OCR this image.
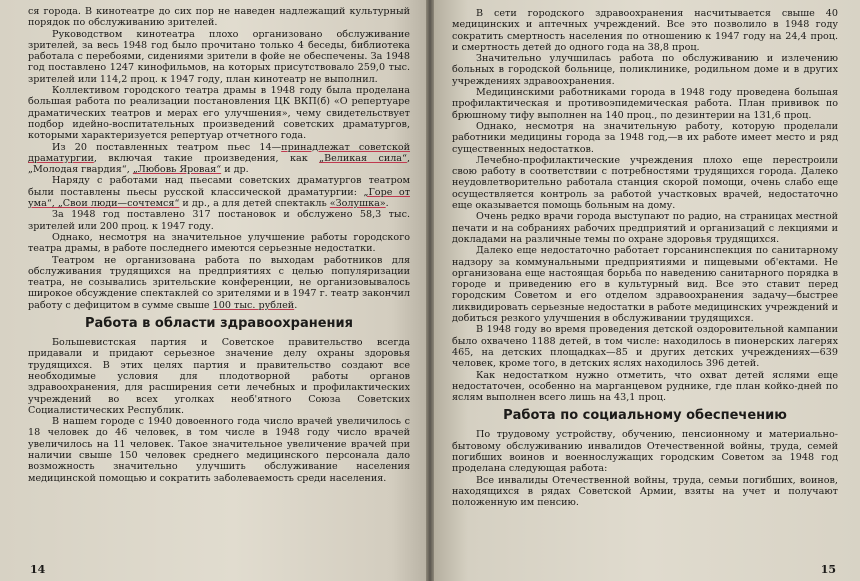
ся города. В кинотеатре до сих пор не наведен надлежащий культурный порядок по обслуживанию зрителей.

Руководством кинотеатра плохо организовано обслуживание зрителей, за весь 1948 год было прочитано только 4 беседы, библиотека работала с перебоями, сидениями зрители в фойе не обеспечены. За 1948 год поставлено 1247 кинофильмов, на которых присутствовало 259,0 тыс. зрителей или 114,2 проц. к 1947 году, план кинотеатр не выполнил.

Коллективом городского театра драмы в 1948 году была проделана большая работа по реализации постановления ЦК ВКП(б) «О репертуаре драматических театров и мерах его улучшения», чему свидетельствует подбор идейно-воспитательных произведений советских драматургов, которыми характеризуется репертуар отчетного года.

Из 20 поставленных театром пьес 14—принадлежат советской драматургии, включая такие произведения, как „Великая сила“, „Молодая гвардия“, „Любовь Яровая“ и др.

Наряду с работами над пьесами советских драматургов театром были поставлены пьесы русской классической драматургии: „Горе от ума“, „Свои люди—сочтемся“ и др., а для детей спектакль «Золушка».

За 1948 год поставлено 317 постановок и обслужено 58,3 тыс. зрителей или 200 проц. к 1947 году.

Однако, несмотря на значительное улучшение работы городского театра драмы, в работе последнего имеются серьезные недостатки.

Театром не организована работа по выходам работников для обслуживания трудящихся на предприятиях с целью популяризации театра, не созывались зрительские конференции, не организовывалось широкое обсуждение спектаклей со зрителями и в 1947 г. театр закончил работу с дефицитом в сумме свыше 100 тыс. рублей.

Работа в области здравоохранения

Большевистская партия и Советское правительство всегда придавали и придают серьезное значение делу охраны здоровья трудящихся. В этих целях партия и правительство создают все необходимые условия для плодотворной работы органов здравоохранения, для расширения сети лечебных и профилактических учреждений во всех уголках необ'ятного Союза Советских Социалистических Республик.

В нашем городе с 1940 довоенного года число врачей увеличилось с 18 человек до 46 человек, в том числе в 1948 году число врачей увеличилось на 11 человек. Такое значительное увеличение врачей при наличии свыше 150 человек среднего медицинского персонала дало возможность значительно улучшить обслуживание населения медицинской помощью и сократить заболеваемость среди населения.

14

В сети городского здравоохранения насчитывается свыше 40 медицинских и аптечных учреждений. Все это позволило в 1948 году сократить смертность населения по отношению к 1947 году на 24,4 проц. и смертность детей до одного года на 38,8 проц.

Значительно улучшилась работа по обслуживанию и излечению больных в городской больнице, поликлинике, родильном доме и в других учреждениях здравоохранения.

Медицинскими работниками города в 1948 году проведена большая профилактическая и противоэпидемическая работа. План прививок по брюшному тифу выполнен на 140 проц., по дезинтерии на 131,6 проц.

Однако, несмотря на значительную работу, которую проделали работники медицины города за 1948 год,—в их работе имеет место и ряд существенных недостатков.

Лечебно-профилактические учреждения плохо еще перестроили свою работу в соответствии с потребностями трудящихся города. Далеко неудовлетворительно работала станция скорой помощи, очень слабо еще осуществляется контроль за работой участковых врачей, недостаточно еще оказывается помощь больным на дому.

Очень редко врачи города выступают по радио, на страницах местной печати и на собраниях рабочих предприятий и организаций с лекциями и докладами на различные темы по охране здоровья трудящихся.

Далеко еще недостаточно работает горсанинспекция по санитарному надзору за коммунальными предприятиями и пищевыми об'ектами. Не организована еще настоящая борьба по наведению санитарного порядка в городе и приведению его в культурный вид. Все это ставит перед городским Советом и его отделом здравоохранения задачу—быстрее ликвидировать серьезные недостатки в работе медицинских учреждений и добиться резкого улучшения в обслуживании трудящихся.

В 1948 году во время проведения детской оздоровительной кампании было охвачено 1188 детей, в том числе: находилось в пионерских лагерях 465, на детских площадках—85 и других детских учреждениях—639 человек, кроме того, в детских яслях находилось 396 детей.

Как недостатком нужно отметить, что охват детей яслями еще недостаточен, особенно на марганцевом руднике, где план койко-дней по яслям выполнен всего лишь на 43,1 проц.

Работа по социальному обеспечению

По трудовому устройству, обучению, пенсионному и материально-бытовому обслуживанию инвалидов Отечественной войны, труда, семей погибших воинов и военнослужащих городским Советом за 1948 год проделана следующая работа:

Все инвалиды Отечественной войны, труда, семьи погибших, воинов, находящихся в рядах Советской Армии, взяты на учет и получают положенную им пенсию.

15
